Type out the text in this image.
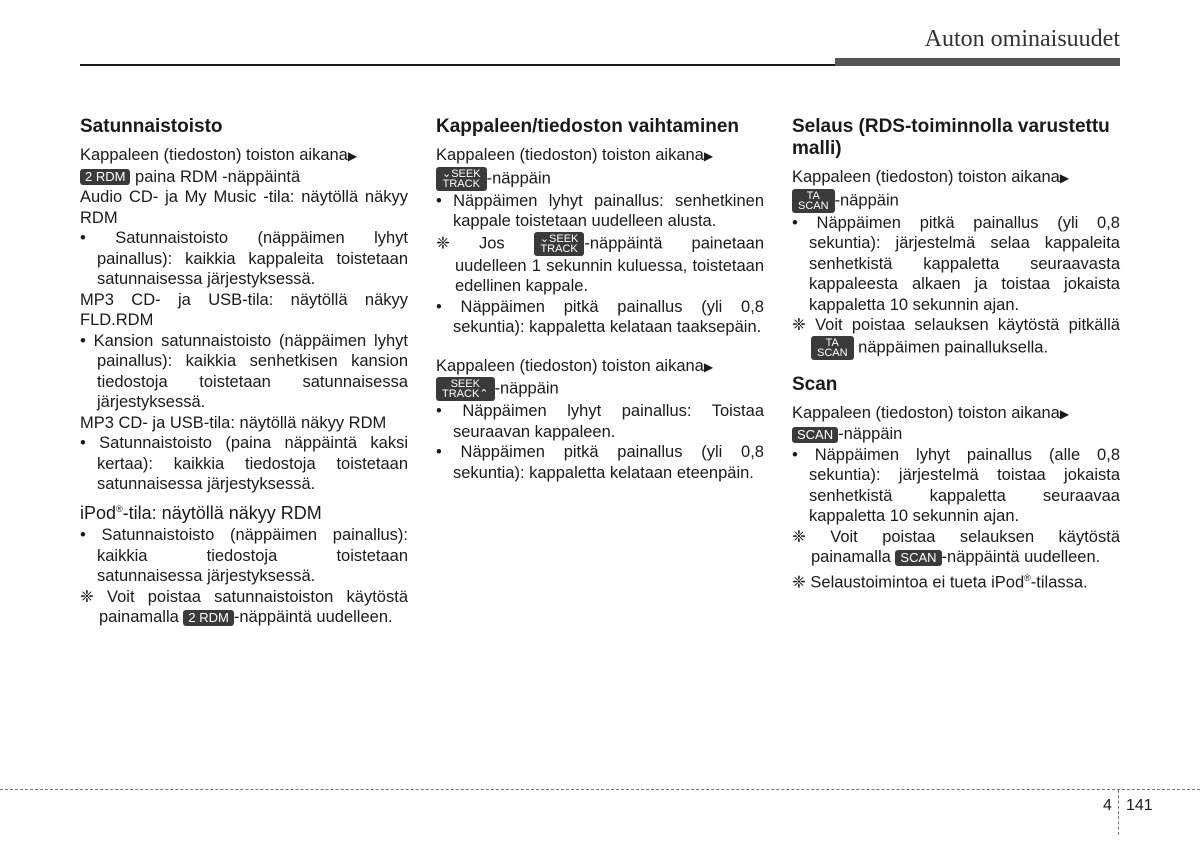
Auton ominaisuudet
Satunnaistoisto

Kappaleen (tiedoston) toiston aikana▶
2 RDM paina RDM -näppäintä

Audio CD- ja My Music -tila: näytöllä näkyy RDM

• Satunnaistoisto (näppäimen lyhyt painallus): kaikkia kappaleita toistetaan satunnaisessa järjestyksessä.

MP3 CD- ja USB-tila: näytöllä näkyy FLD.RDM

• Kansion satunnaistoisto (näppäimen lyhyt painallus): kaikkia senhetkisen kansion tiedostoja toistetaan satunnaisessa järjestyksessä.

MP3 CD- ja USB-tila: näytöllä näkyy RDM

• Satunnaistoisto (paina näppäintä kaksi kertaa): kaikkia tiedostoja toistetaan satunnaisessa järjestyksessä.

iPod®-tila: näytöllä näkyy RDM

• Satunnaistoisto (näppäimen painallus): kaikkia tiedostoja toistetaan satunnaisessa järjestyksessä.

❈ Voit poistaa satunnaistoiston käytöstä painamalla 2 RDM -näppäintä uudelleen.

Kappaleen/tiedoston vaihtaminen

Kappaleen (tiedoston) toiston aikana▶
⌄SEEK
TRACK -näppäin

• Näppäimen lyhyt painallus: senhetkinen kappale toistetaan uudelleen alusta.

❈ Jos	⌄SEEK
TRACK -näppäintä painetaan uudelleen 1 sekunnin kuluessa, toistetaan edellinen kappale.

• Näppäimen pitkä painallus (yli 0,8 sekuntia): kappaletta kelataan taaksepäin.

Kappaleen (tiedoston) toiston aikana▶
SEEK
TRACK⌃ -näppäin

• Näppäimen lyhyt painallus: Toistaa seuraavan kappaleen.

• Näppäimen pitkä painallus (yli 0,8 sekuntia): kappaletta kelataan eteenpäin.

Selaus (RDS-toiminnolla varustettu malli)

Kappaleen (tiedoston) toiston aikana▶
TA
SCAN -näppäin

• Näppäimen pitkä painallus (yli 0,8 sekuntia): järjestelmä selaa kappaleita senhetkistä kappaletta seuraavasta kappaleesta alkaen ja toistaa jokaista kappaletta 10 sekunnin ajan.

❈ Voit poistaa selauksen käytöstä pitkällä TA
SCAN näppäimen painalluksella.

Scan

Kappaleen (tiedoston) toiston aikana▶
SCAN -näppäin

• Näppäimen lyhyt painallus (alle 0,8 sekuntia): järjestelmä toistaa jokaista senhetkistä kappaletta seuraavaa kappaletta 10 sekunnin ajan.

❈ Voit poistaa selauksen käytöstä painamalla SCAN -näppäintä uudelleen.

❈ Selaustoimintoa ei tueta iPod®-tilassa.

4 141
